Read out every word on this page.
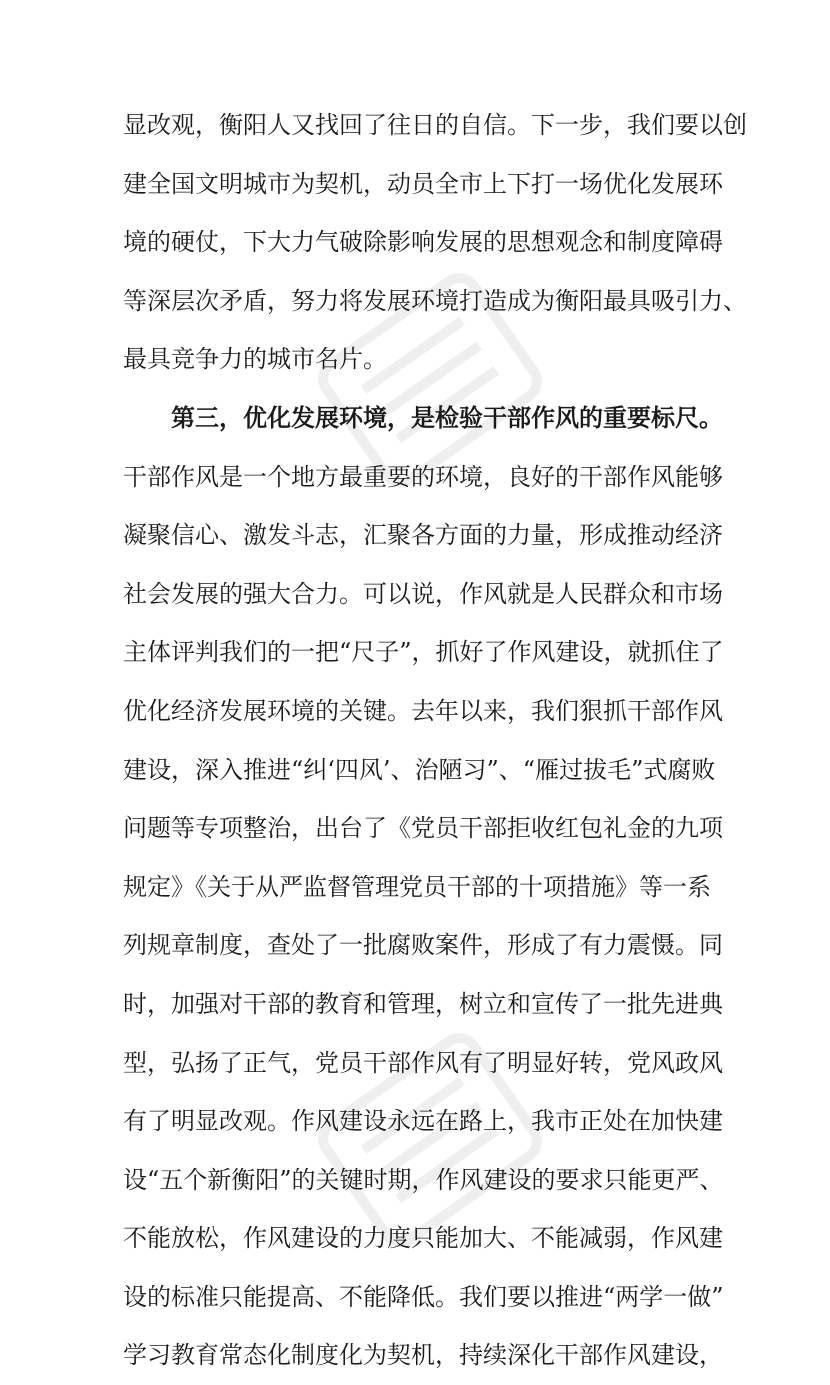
显改观，衡阳人又找回了往日的自信。下一步，我们要以创
建全国文明城市为契机，动员全市上下打一场优化发展环
境的硬仗，下大力气破除影响发展的思想观念和制度障碍
等深层次矛盾，努力将发展环境打造成为衡阳最具吸引力、
最具竞争力的城市名片。
第三，优化发展环境，是检验干部作风的重要标尺。
干部作风是一个地方最重要的环境，良好的干部作风能够
凝聚信心、激发斗志，汇聚各方面的力量，形成推动经济
社会发展的强大合力。可以说，作风就是人民群众和市场
主体评判我们的一把“尺子”，抓好了作风建设，就抓住了
优化经济发展环境的关键。去年以来，我们狠抓干部作风
建设，深入推进“纠‘四风’、治陋习”、“雁过拔毛”式腐败
问题等专项整治，出台了《党员干部拒收红包礼金的九项
规定》《关于从严监督管理党员干部的十项措施》等一系
列规章制度，查处了一批腐败案件，形成了有力震慑。同
时，加强对干部的教育和管理，树立和宣传了一批先进典
型，弘扬了正气，党员干部作风有了明显好转，党风政风
有了明显改观。作风建设永远在路上，我市正处在加快建
设“五个新衡阳”的关键时期，作风建设的要求只能更严、
不能放松，作风建设的力度只能加大、不能减弱，作风建
设的标准只能提高、不能降低。我们要以推进“两学一做”
学习教育常态化制度化为契机，持续深化干部作风建设，
